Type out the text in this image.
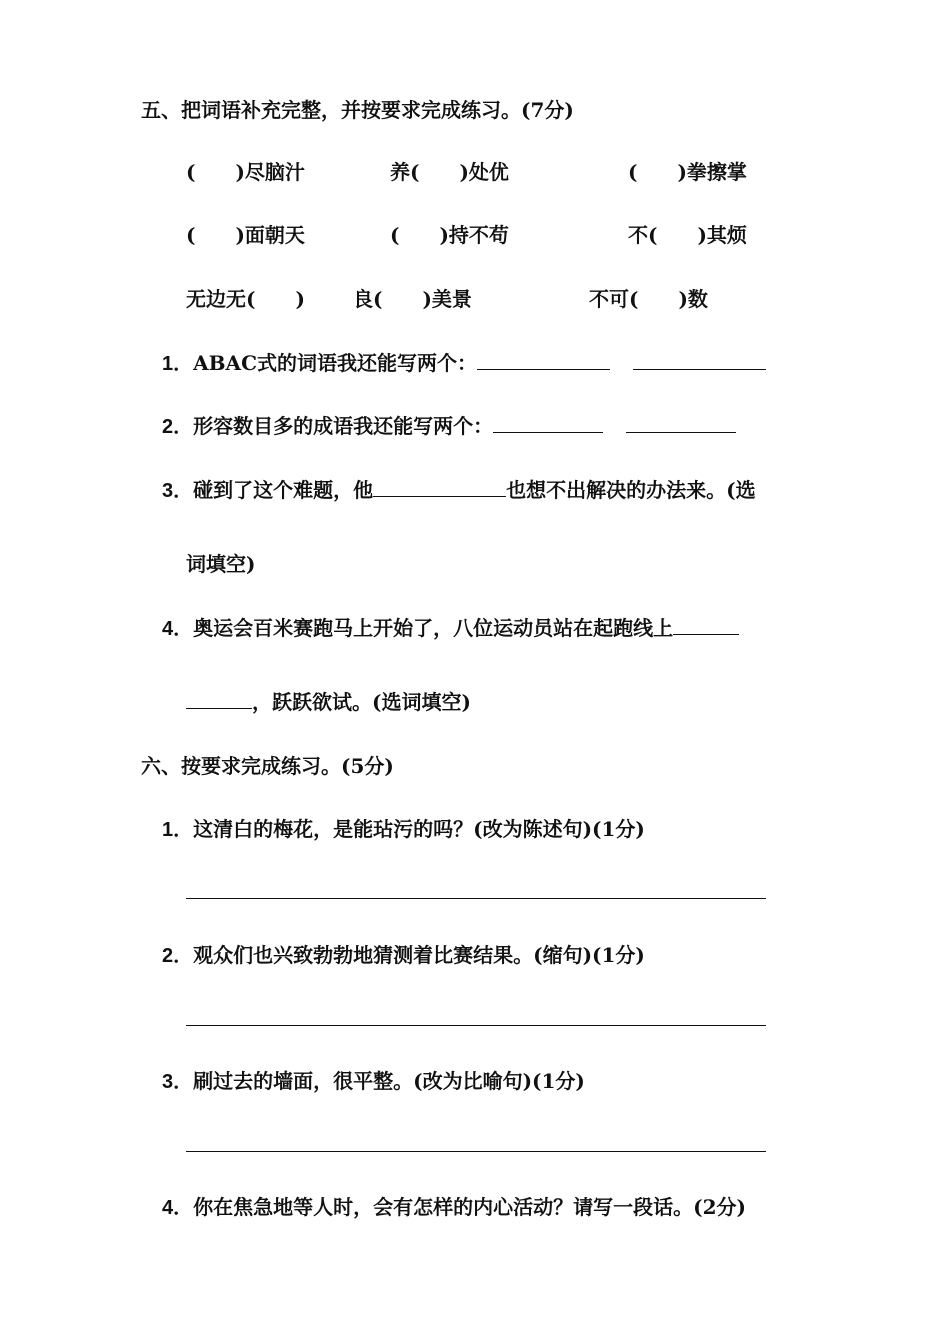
五、把词语补充完整，并按要求完成练习。(7分)
(　　)尽脑汁	养(　　)处优	(　　)拳擦掌
(　　)面朝天	(　　)持不苟	不(　　)其烦
无边无(　　) 良(　　)美景	不可(　　)数
1．ABAC式的词语我还能写两个：
2．形容数目多的成语我还能写两个：
3．碰到了这个难题，他	也想不出解决的办法来。(选
词填空)
4．奥运会百米赛跑马上开始了，八位运动员站在起跑线上
，跃跃欲试。(选词填空)
六、按要求完成练习。(5分)
1．这清白的梅花，是能玷污的吗？(改为陈述句)(1分)
2．观众们也兴致勃勃地猜测着比赛结果。(缩句)(1分)
3．刷过去的墙面，很平整。(改为比喻句)(1分)
4．你在焦急地等人时，会有怎样的内心活动？请写一段话。(2分)
